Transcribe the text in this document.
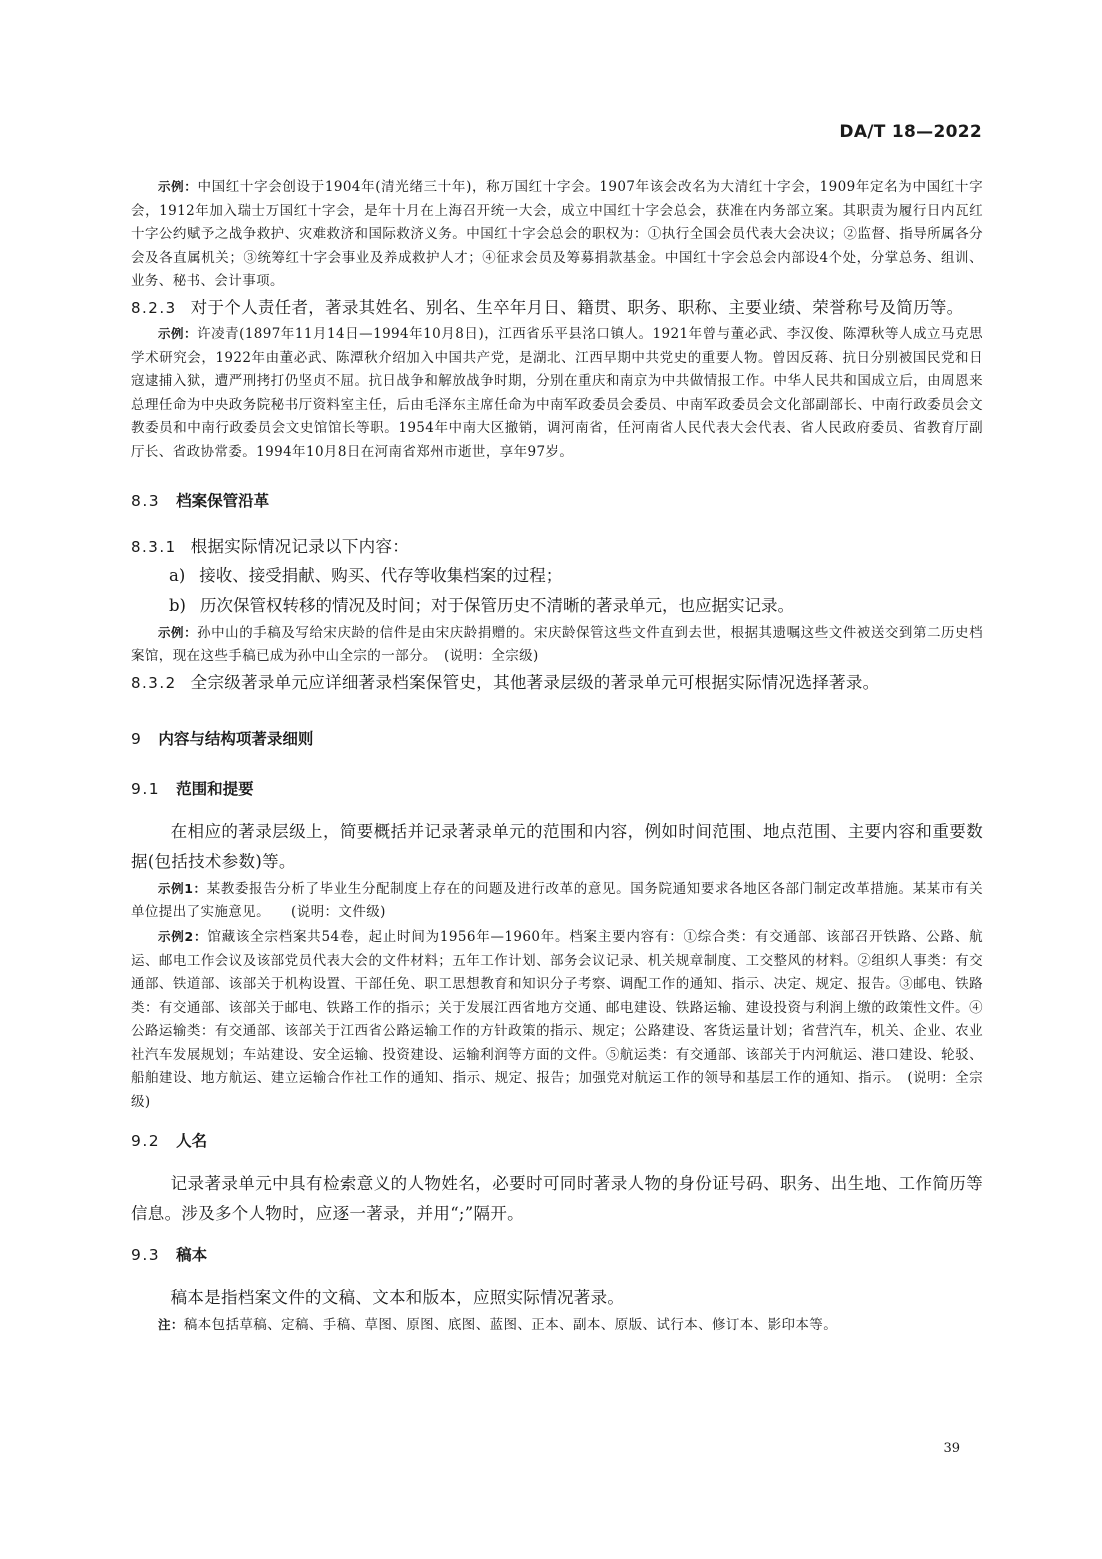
DA/T 18—2022

示例：中国红十字会创设于1904年(清光绪三十年)，称万国红十字会。1907年该会改名为大清红十字会，1909年定名为中国红十字会，1912年加入瑞士万国红十字会，是年十月在上海召开统一大会，成立中国红十字会总会，获准在内务部立案。其职责为履行日内瓦红十字公约赋予之战争救护、灾难救济和国际救济义务。中国红十字会总会的职权为：①执行全国会员代表大会决议；②监督、指导所属各分会及各直属机关；③统筹红十字会事业及养成救护人才；④征求会员及筹募捐款基金。中国红十字会总会内部设4个处，分掌总务、组训、业务、秘书、会计事项。

8.2.3 对于个人责任者，著录其姓名、别名、生卒年月日、籍贯、职务、职称、主要业绩、荣誉称号及简历等。

示例：许凌青(1897年11月14日—1994年10月8日)，江西省乐平县洺口镇人。1921年曾与董必武、李汉俊、陈潭秋等人成立马克思学术研究会，1922年由董必武、陈潭秋介绍加入中国共产党，是湖北、江西早期中共党史的重要人物。曾因反蒋、抗日分别被国民党和日寇逮捕入狱，遭严刑拷打仍坚贞不屈。抗日战争和解放战争时期，分别在重庆和南京为中共做情报工作。中华人民共和国成立后，由周恩来总理任命为中央政务院秘书厅资料室主任，后由毛泽东主席任命为中南军政委员会委员、中南军政委员会文化部副部长、中南行政委员会文教委员和中南行政委员会文史馆馆长等职。1954年中南大区撤销，调河南省，任河南省人民代表大会代表、省人民政府委员、省教育厅副厅长、省政协常委。1994年10月8日在河南省郑州市逝世，享年97岁。

8.3 档案保管沿革

8.3.1 根据实际情况记录以下内容：

a) 接收、接受捐献、购买、代存等收集档案的过程；

b) 历次保管权转移的情况及时间；对于保管历史不清晰的著录单元，也应据实记录。

示例：孙中山的手稿及写给宋庆龄的信件是由宋庆龄捐赠的。宋庆龄保管这些文件直到去世，根据其遗嘱这些文件被送交到第二历史档案馆，现在这些手稿已成为孙中山全宗的一部分。　(说明：全宗级)

8.3.2 全宗级著录单元应详细著录档案保管史，其他著录层级的著录单元可根据实际情况选择著录。

9 内容与结构项著录细则

9.1 范围和提要

在相应的著录层级上，简要概括并记录著录单元的范围和内容，例如时间范围、地点范围、主要内容和重要数据(包括技术参数)等。

示例1：某教委报告分析了毕业生分配制度上存在的问题及进行改革的意见。国务院通知要求各地区各部门制定改革措施。某某市有关单位提出了实施意见。　　(说明：文件级)

示例2：馆藏该全宗档案共54卷，起止时间为1956年—1960年。档案主要内容有：①综合类：有交通部、该部召开铁路、公路、航运、邮电工作会议及该部党员代表大会的文件材料；五年工作计划、部务会议记录、机关规章制度、工交整风的材料。②组织人事类：有交通部、铁道部、该部关于机构设置、干部任免、职工思想教育和知识分子考察、调配工作的通知、指示、决定、规定、报告。③邮电、铁路类：有交通部、该部关于邮电、铁路工作的指示；关于发展江西省地方交通、邮电建设、铁路运输、建设投资与利润上缴的政策性文件。④公路运输类：有交通部、该部关于江西省公路运输工作的方针政策的指示、规定；公路建设、客货运量计划；省营汽车，机关、企业、农业社汽车发展规划；车站建设、安全运输、投资建设、运输利润等方面的文件。⑤航运类：有交通部、该部关于内河航运、港口建设、轮驳、船舶建设、地方航运、建立运输合作社工作的通知、指示、规定、报告；加强党对航运工作的领导和基层工作的通知、指示。　(说明：全宗级)

9.2 人名

记录著录单元中具有检索意义的人物姓名，必要时可同时著录人物的身份证号码、职务、出生地、工作简历等信息。涉及多个人物时，应逐一著录，并用“;”隔开。

9.3 稿本

稿本是指档案文件的文稿、文本和版本，应照实际情况著录。

注：稿本包括草稿、定稿、手稿、草图、原图、底图、蓝图、正本、副本、原版、试行本、修订本、影印本等。

39
